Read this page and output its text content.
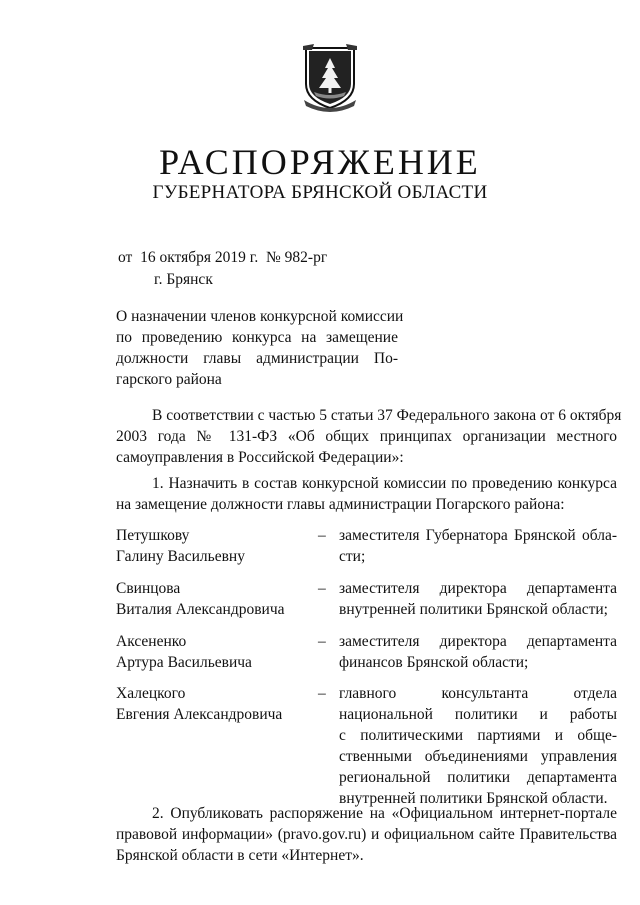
РАСПОРЯЖЕНИЕ
ГУБЕРНАТОРА БРЯНСКОЙ ОБЛАСТИ
от 16 октября 2019 г. № 982-рг
г. Брянск
О назначении членов конкурсной комиссии
по проведению конкурса на замещение
должности главы администрации По-
гарского района
В соответствии с частью 5 статьи 37 Федерального закона от 6 октября
2003 года № 131-ФЗ «Об общих принципах организации местного
самоуправления в Российской Федерации»:
1. Назначить в состав конкурсной комиссии по проведению конкурса
на замещение должности главы администрации Погарского района:
Петушкову
Галину Васильевну
– заместителя Губернатора Брянской обла-
сти;
Свинцова
Виталия Александровича
– заместителя директора департамента
внутренней политики Брянской области;
Аксененко
Артура Васильевича
– заместителя директора департамента
финансов Брянской области;
Халецкого
Евгения Александровича
– главного консультанта отдела
национальной политики и работы
с политическими партиями и обще-
ственными объединениями управления
региональной политики департамента
внутренней политики Брянской области.
2. Опубликовать распоряжение на «Официальном интернет-портале
правовой информации» (pravo.gov.ru) и официальном сайте Правительства
Брянской области в сети «Интернет».
